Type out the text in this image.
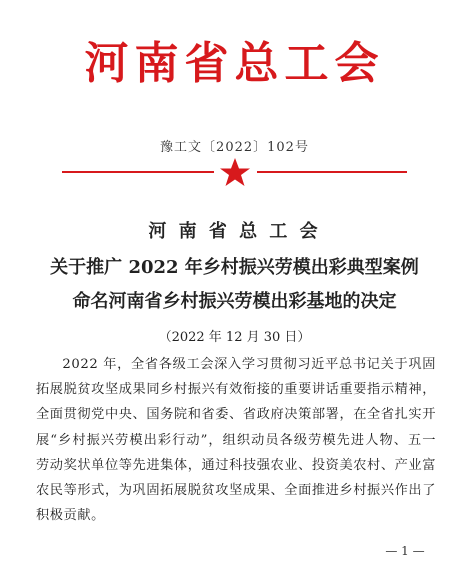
河南省总工会
豫工文〔2022〕102号
河 南 省 总 工 会
关于推广 2022 年乡村振兴劳模出彩典型案例
命名河南省乡村振兴劳模出彩基地的决定
（2022 年 12 月 30 日）
2022 年，全省各级工会深入学习贯彻习近平总书记关于巩固拓展脱贫攻坚成果同乡村振兴有效衔接的重要讲话重要指示精神，全面贯彻党中央、国务院和省委、省政府决策部署，在全省扎实开展“乡村振兴劳模出彩行动”，组织动员各级劳模先进人物、五一劳动奖状单位等先进集体，通过科技强农业、投资美农村、产业富农民等形式，为巩固拓展脱贫攻坚成果、全面推进乡村振兴作出了积极贡献。
— 1 —
